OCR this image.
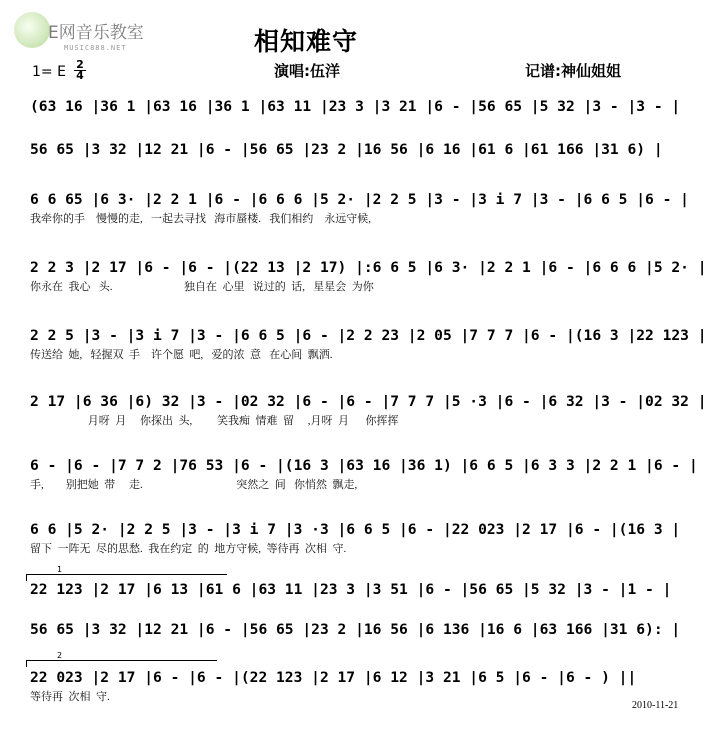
E网音乐教室
MUSIC888.NET	相知难守
1= E 2
4	演唱:伍洋	记谱:神仙姐姐
(63 16 |36 1 |63 16 |36 1 |63 11 |23 3 |3 21 |6 - |56 65 |5 32 |3 - |3 - |
56 65 |3 32 |12 21 |6 - |56 65 |23 2 |16 56 |6 16 |61 6 |61 166 |31 6) |
6 6 65 |6 3· |2 2 1 |6 - |6 6 6 |5 2· |2 2 5 |3 - |3 i 7 |3 - |6 6 5 |6 - |
我牵你的手    慢慢的走,   一起去寻找   海市蜃楼.   我们相约    永远守候,
2 2 3 |2 17 |6 - |6 - |(22 13 |2 17) |:6 6 5 |6 3· |2 2 1 |6 - |6 6 6 |5 2· |
你永在  我心   头.                          独自在  心里   说过的  话,   星星会  为你
2 2 5 |3 - |3 i 7 |3 - |6 6 5 |6 - |2 2 23 |2 05 |7 7 7 |6 - |(16 3 |22 123 |
传送给  她,   轻握双  手    许个愿  吧,   爱的浓  意   在心间  飘洒.
2 17 |6 36 |6) 32 |3 - |02 32 |6 - |6 - |7 7 7 |5 ·3 |6 - |6 32 |3 - |02 32 |
月呀  月     你探出  头,         笑我痴  情难  留     ,月呀  月      你挥挥
6 - |6 - |7 7 2 |76 53 |6 - |(16 3 |63 16 |36 1) |6 6 5 |6 3 3 |2 2 1 |6 - |
手,        别把她  带     走.                                  突然之  间   你悄然  飘走,
6 6 |5 2· |2 2 5 |3 - |3 i 7 |3 ·3 |6 6 5 |6 - |22 023 |2 17 |6 - |(16 3 |
留下  一阵无  尽的思愁.  我在约定  的  地方守候,  等待再  次相  守.
1
22 123 |2 17 |6 13 |61 6 |63 11 |23 3 |3 51 |6 - |56 65 |5 32 |3 - |1 - |
56 65 |3 32 |12 21 |6 - |56 65 |23 2 |16 56 |6 136 |16 6 |63 166 |31 6): |
2
22 023 |2 17 |6 - |6 - |(22 123 |2 17 |6 12 |3 21 |6 5 |6 - |6 - ) ||
等待再  次相  守.
2010-11-21
